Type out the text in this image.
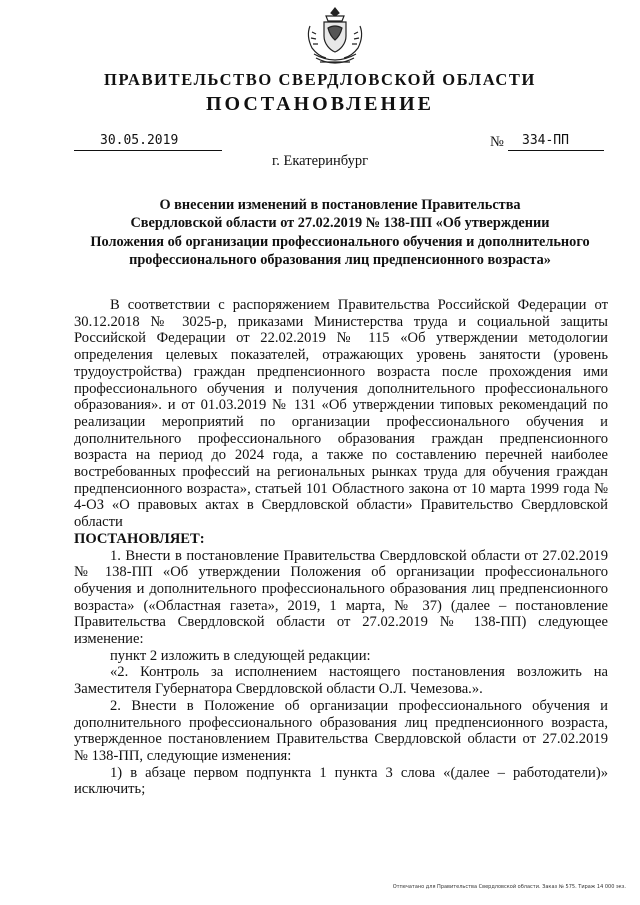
ПРАВИТЕЛЬСТВО СВЕРДЛОВСКОЙ ОБЛАСТИ
ПОСТАНОВЛЕНИЕ
30.05.2019	№ 334-ПП
г. Екатеринбург
О внесении изменений в постановление Правительства
Свердловской области от 27.02.2019 № 138-ПП «Об утверждении
Положения об организации профессионального обучения и дополнительного
профессионального образования лиц предпенсионного возраста»

В соответствии с распоряжением Правительства Российской Федерации от 30.12.2018 № 3025-р, приказами Министерства труда и социальной защиты Российской Федерации от 22.02.2019 № 115 «Об утверждении методологии определения целевых показателей, отражающих уровень занятости (уровень трудоустройства) граждан предпенсионного возраста после прохождения ими профессионального обучения и получения дополнительного профессионального образования». и от 01.03.2019 № 131 «Об утверждении типовых рекомендаций по реализации мероприятий по организации профессионального обучения и дополнительного профессионального образования граждан предпенсионного возраста на период до 2024 года, а также по составлению перечней наиболее востребованных профессий на региональных рынках труда для обучения граждан предпенсионного возраста», статьей 101 Областного закона от 10 марта 1999 года № 4-ОЗ «О правовых актах в Свердловской области» Правительство Свердловской области

ПОСТАНОВЛЯЕТ:

1. Внести в постановление Правительства Свердловской области от 27.02.2019 № 138-ПП «Об утверждении Положения об организации профессионального обучения и дополнительного профессионального образования лиц предпенсионного возраста» («Областная газета», 2019, 1 марта, № 37) (далее – постановление Правительства Свердловской области от 27.02.2019 № 138-ПП) следующее изменение:

пункт 2 изложить в следующей редакции:

«2. Контроль за исполнением настоящего постановления возложить на Заместителя Губернатора Свердловской области О.Л. Чемезова.».

2. Внести в Положение об организации профессионального обучения и дополнительного профессионального образования лиц предпенсионного возраста, утвержденное постановлением Правительства Свердловской области от 27.02.2019 № 138-ПП, следующие изменения:

1) в абзаце первом подпункта 1 пункта 3 слова «(далее – работодатели)» исключить;

Отпечатано для Правительства Свердловской области. Заказ № 575. Тираж 14 000 экз.
